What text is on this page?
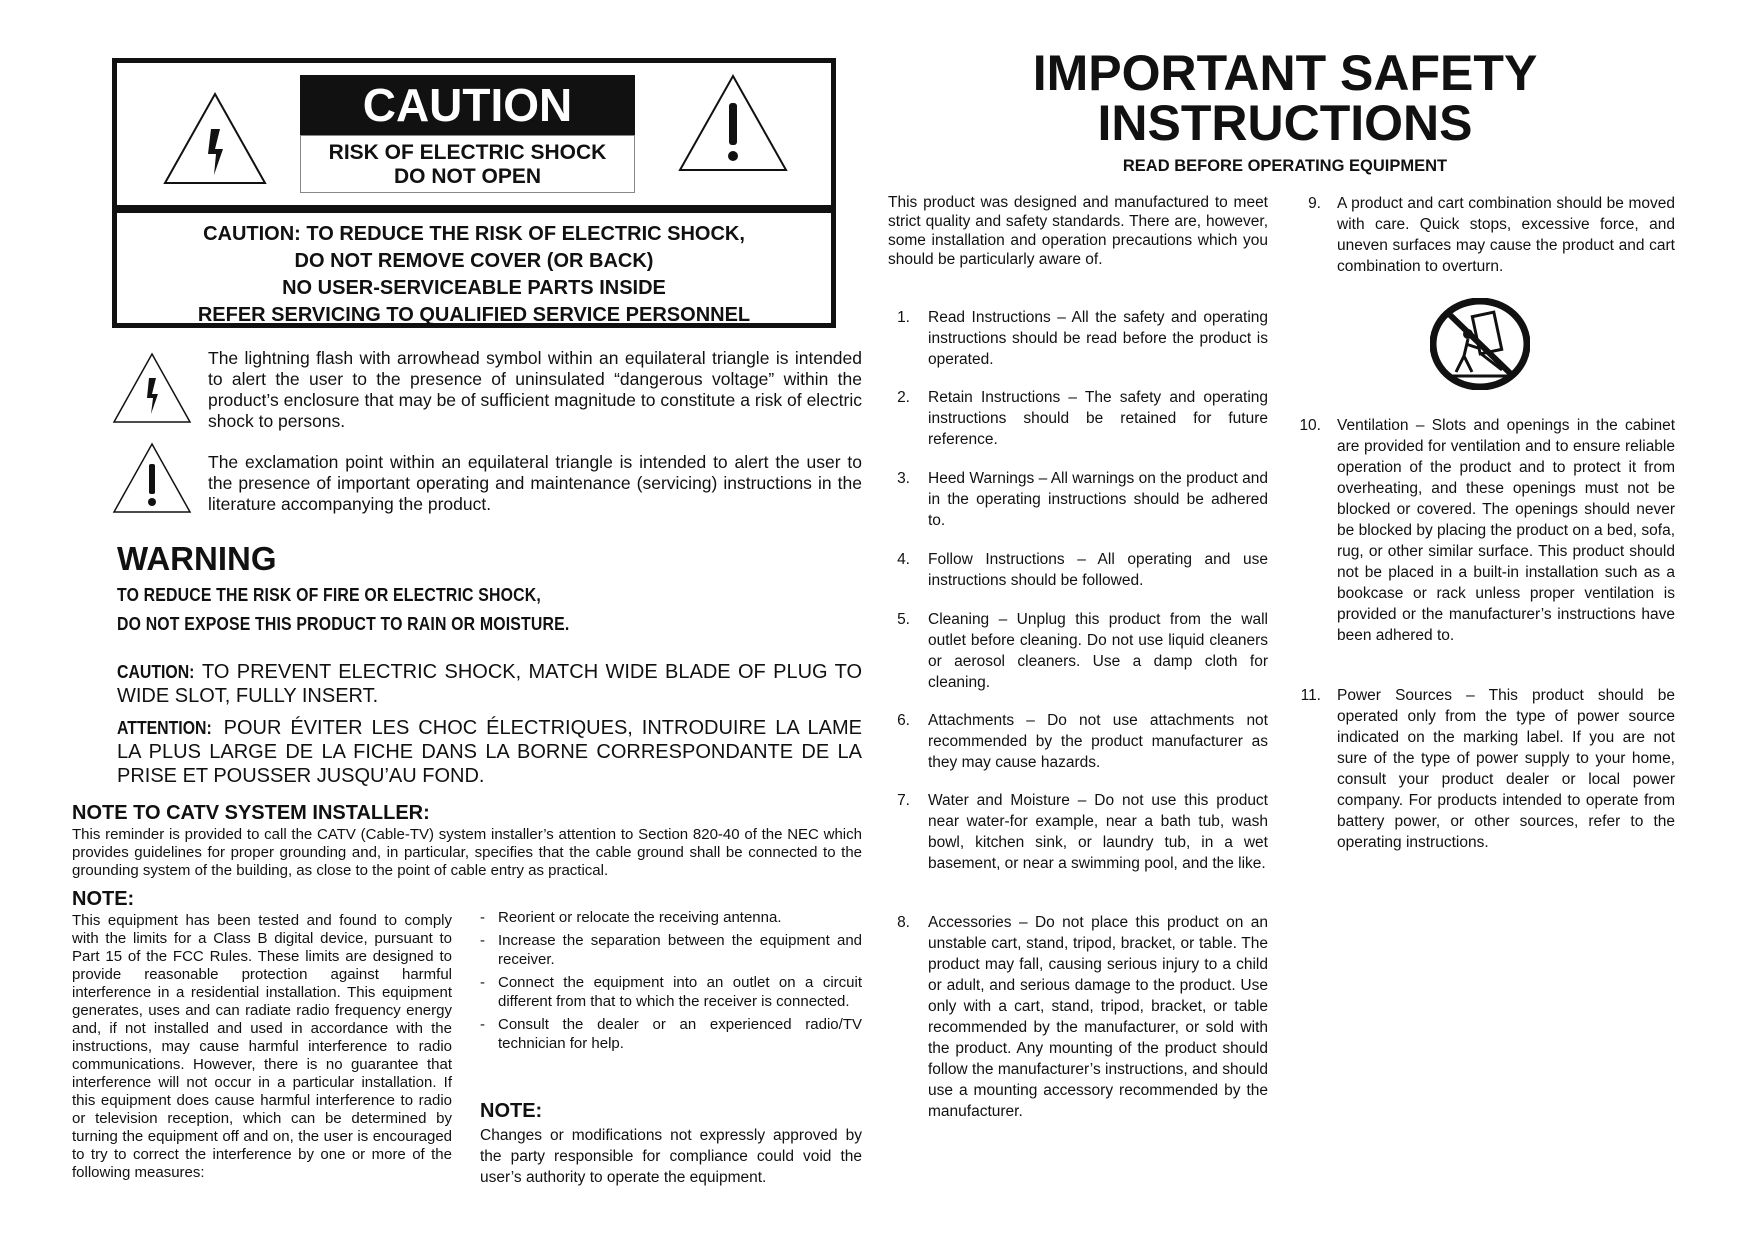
CAUTION
RISK OF ELECTRIC SHOCK
DO NOT OPEN
CAUTION: TO REDUCE THE RISK OF ELECTRIC SHOCK,
DO NOT REMOVE COVER (OR BACK)
NO USER-SERVICEABLE PARTS INSIDE
REFER SERVICING TO QUALIFIED SERVICE PERSONNEL
The lightning flash with arrowhead symbol within an equilateral triangle is intended to alert the user to the presence of uninsulated “dangerous voltage” within the product’s enclosure that may be of sufficient magnitude to constitute a risk of electric shock to persons.
The exclamation point within an equilateral triangle is intended to alert the user to the presence of important operating and maintenance (servicing) instructions in the literature accompanying the product.
WARNING
TO REDUCE THE RISK OF FIRE OR ELECTRIC SHOCK,
DO NOT EXPOSE THIS PRODUCT TO RAIN OR MOISTURE.
CAUTION: TO PREVENT ELECTRIC SHOCK, MATCH WIDE BLADE OF PLUG TO WIDE SLOT, FULLY INSERT.
ATTENTION: POUR ÉVITER LES CHOC ÉLECTRIQUES, INTRODUIRE LA LAME LA PLUS LARGE DE LA FICHE DANS LA BORNE CORRESPONDANTE DE LA PRISE ET POUSSER JUSQU’AU FOND.
NOTE TO CATV SYSTEM INSTALLER:
This reminder is provided to call the CATV (Cable-TV) system installer’s attention to Section 820-40 of the NEC which provides guidelines for proper grounding and, in particular, specifies that the cable ground shall be connected to the grounding system of the building, as close to the point of cable entry as practical.
NOTE:
This equipment has been tested and found to comply with the limits for a Class B digital device, pursuant to Part 15 of the FCC Rules. These limits are designed to provide reasonable protection against harmful interference in a residential installation. This equipment generates, uses and can radiate radio frequency energy and, if not installed and used in accordance with the instructions, may cause harmful interference to radio communications. However, there is no guarantee that interference will not occur in a particular installation. If this equipment does cause harmful interference to radio or television reception, which can be determined by turning the equipment off and on, the user is encouraged to try to correct the interference by one or more of the following measures:
- Reorient or relocate the receiving antenna.
- Increase the separation between the equipment and receiver.
- Connect the equipment into an outlet on a circuit different from that to which the receiver is connected.
- Consult the dealer or an experienced radio/TV technician for help.
NOTE:
Changes or modifications not expressly approved by the party responsible for compliance could void the user’s authority to operate the equipment.
IMPORTANT SAFETY
INSTRUCTIONS
READ BEFORE OPERATING EQUIPMENT
This product was designed and manufactured to meet strict quality and safety standards. There are, however, some installation and operation precautions which you should be particularly aware of.
1. Read Instructions – All the safety and operating instructions should be read before the product is operated.
2. Retain Instructions – The safety and operating instructions should be retained for future reference.
3. Heed Warnings – All warnings on the product and in the operating instructions should be adhered to.
4. Follow Instructions – All operating and use instructions should be followed.
5. Cleaning – Unplug this product from the wall outlet before cleaning. Do not use liquid cleaners or aerosol cleaners. Use a damp cloth for cleaning.
6. Attachments – Do not use attachments not recommended by the product manufacturer as they may cause hazards.
7. Water and Moisture – Do not use this product near water-for example, near a bath tub, wash bowl, kitchen sink, or laundry tub, in a wet basement, or near a swimming pool, and the like.
8. Accessories – Do not place this product on an unstable cart, stand, tripod, bracket, or table. The product may fall, causing serious injury to a child or adult, and serious damage to the product. Use only with a cart, stand, tripod, bracket, or table recommended by the manufacturer, or sold with the product. Any mounting of the product should follow the manufacturer’s instructions, and should use a mounting accessory recommended by the manufacturer.
9. A product and cart combination should be moved with care. Quick stops, excessive force, and uneven surfaces may cause the product and cart combination to overturn.
10. Ventilation – Slots and openings in the cabinet are provided for ventilation and to ensure reliable operation of the product and to protect it from overheating, and these openings must not be blocked or covered. The openings should never be blocked by placing the product on a bed, sofa, rug, or other similar surface. This product should not be placed in a built-in installation such as a bookcase or rack unless proper ventilation is provided or the manufacturer’s instructions have been adhered to.
11. Power Sources – This product should be operated only from the type of power source indicated on the marking label. If you are not sure of the type of power supply to your home, consult your product dealer or local power company. For products intended to operate from battery power, or other sources, refer to the operating instructions.
